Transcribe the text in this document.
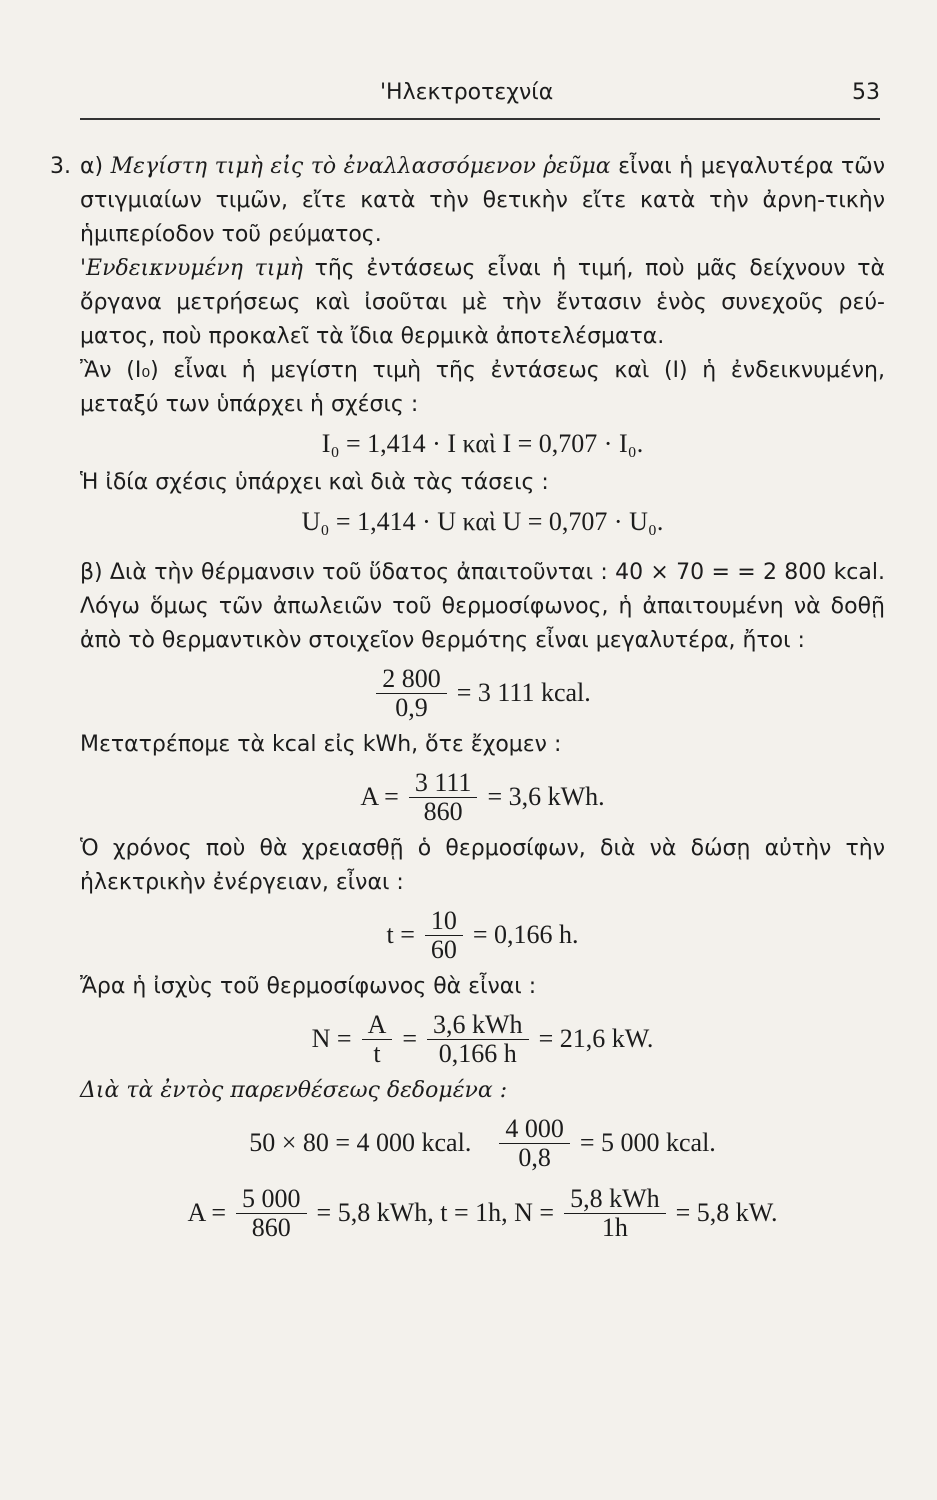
'Ηλεκτροτεχνία	53

3. α) Μεγίστη τιμὴ εἰς τὸ ἐναλλασσόμενον ῥεῦμα εἶναι ἡ μεγαλυτέρα τῶν στιγμιαίων τιμῶν, εἴτε κατὰ τὴν θετικὴν εἴτε κατὰ τὴν ἀρνη-τικὴν ἡμιπερίοδον τοῦ ρεύματος.

'Ενδεικνυμένη τιμὴ τῆς ἐντάσεως εἶναι ἡ τιμή, ποὺ μᾶς δείχνουν τὰ ὄργανα μετρήσεως καὶ ἰσοῦται μὲ τὴν ἔντασιν ἑνὸς συνεχοῦς ρεύ-ματος, ποὺ προκαλεῖ τὰ ἴδια θερμικὰ ἀποτελέσματα.

Ἂν (I₀) εἶναι ἡ μεγίστη τιμὴ τῆς ἐντάσεως καὶ (I) ἡ ἐνδεικνυμένη, μεταξύ των ὑπάρχει ἡ σχέσις :

I₀ = 1,414 · I καὶ I = 0,707 · I₀.

Ἡ ἰδία σχέσις ὑπάρχει καὶ διὰ τὰς τάσεις :

U₀ = 1,414 · U καὶ U = 0,707 · U₀.

β) Διὰ τὴν θέρμανσιν τοῦ ὕδατος ἀπαιτοῦνται : 40 × 70 = = 2 800 kcal. Λόγω ὅμως τῶν ἀπωλειῶν τοῦ θερμοσίφωνος, ἡ ἀπαιτουμένη νὰ δοθῇ ἀπὸ τὸ θερμαντικὸν στοιχεῖον θερμότης εἶναι μεγαλυτέρα, ἤτοι :

$\frac{2 800}{0,9} = 3$ 111 kcal.

Μετατρέπομε τὰ kcal εἰς kWh, ὅτε ἔχομεν :

$A = \frac{3 111}{860} = 3,6$ kWh.

Ὁ χρόνος ποὺ θὰ χρειασθῇ ὁ θερμοσίφων, διὰ νὰ δώσῃ αὐτὴν τὴν ἠλεκτρικὴν ἐνέργειαν, εἶναι :

$t = \frac{10}{60} = 0,166$ h.

Ἄρα ἡ ἰσχὺς τοῦ θερμοσίφωνος θὰ εἶναι :

$N = \frac{A}{t} = \frac{\text{3,6 kWh}}{0,166 h} = 21,6$ kW.

Διὰ τὰ ἐντὸς παρενθέσεως δεδομένα :

50 × 80 = 4 000 kcal. $\frac{4 000}{0,8} = 5$ 000 kcal.
$A = \frac{5 000}{860} = 5,8$ kWh, t = 1h, $N = \frac{\text{5,8 kWh}}{1h} = 5,8$ kW.
